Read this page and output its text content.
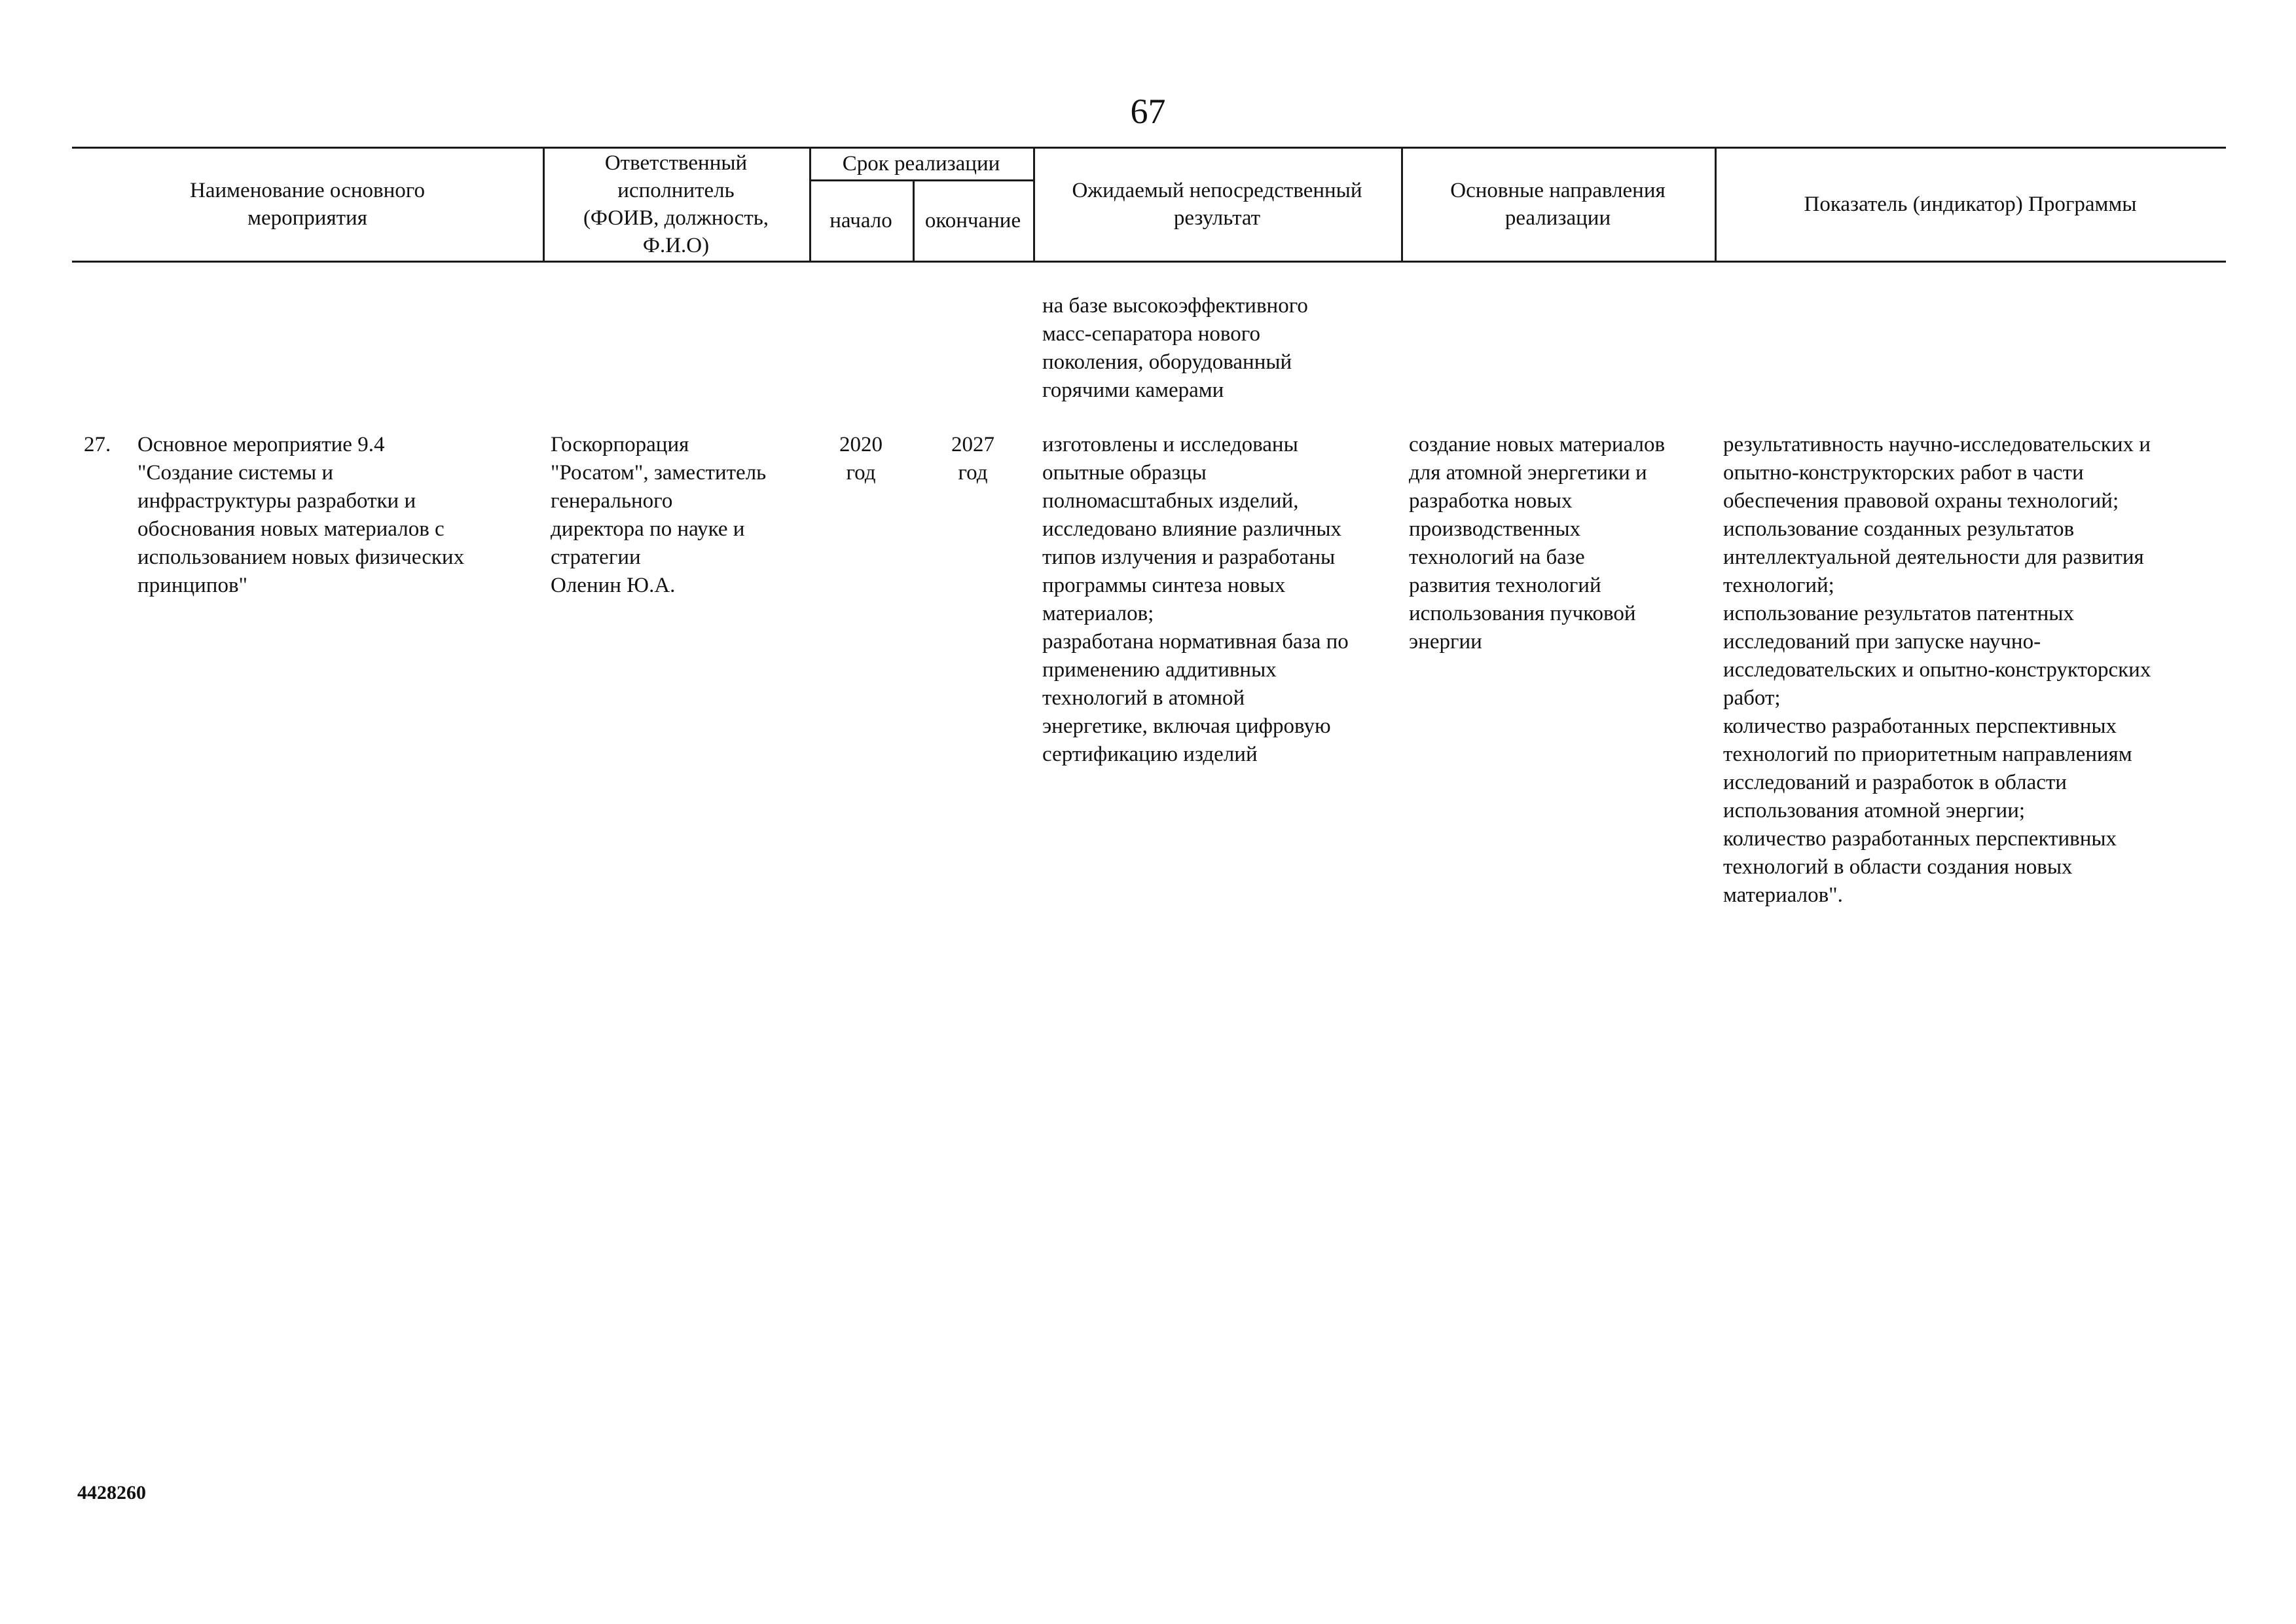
67
Наименование основного
мероприятия
Ответственный
исполнитель
(ФОИВ, должность,
Ф.И.О)
Срок реализации
начало	окончание
Ожидаемый непосредственный
результат
Основные направления
реализации
Показатель (индикатор) Программы
на базе высокоэффективного
масс-сепаратора нового
поколения, оборудованный
горячими камерами
27.	Основное мероприятие 9.4
"Создание системы и
инфраструктуры разработки и
обоснования новых материалов с
использованием новых физических
принципов"
Госкорпорация
"Росатом", заместитель
генерального
директора по науке и
стратегии
Оленин Ю.А.
2020
год
2027
год
изготовлены и исследованы
опытные образцы
полномасштабных изделий,
исследовано влияние различных
типов излучения и разработаны
программы синтеза новых
материалов;
разработана нормативная база по
применению аддитивных
технологий в атомной
энергетике, включая цифровую
сертификацию изделий
создание новых материалов
для атомной энергетики и
разработка новых
производственных
технологий на базе
развития технологий
использования пучковой
энергии
результативность научно-исследовательских и
опытно-конструкторских работ в части
обеспечения правовой охраны технологий;
использование созданных результатов
интеллектуальной деятельности для развития
технологий;
использование результатов патентных
исследований при запуске научно-
исследовательских и опытно-конструкторских
работ;
количество разработанных перспективных
технологий по приоритетным направлениям
исследований и разработок в области
использования атомной энергии;
количество разработанных перспективных
технологий в области создания новых
материалов".
4428260
